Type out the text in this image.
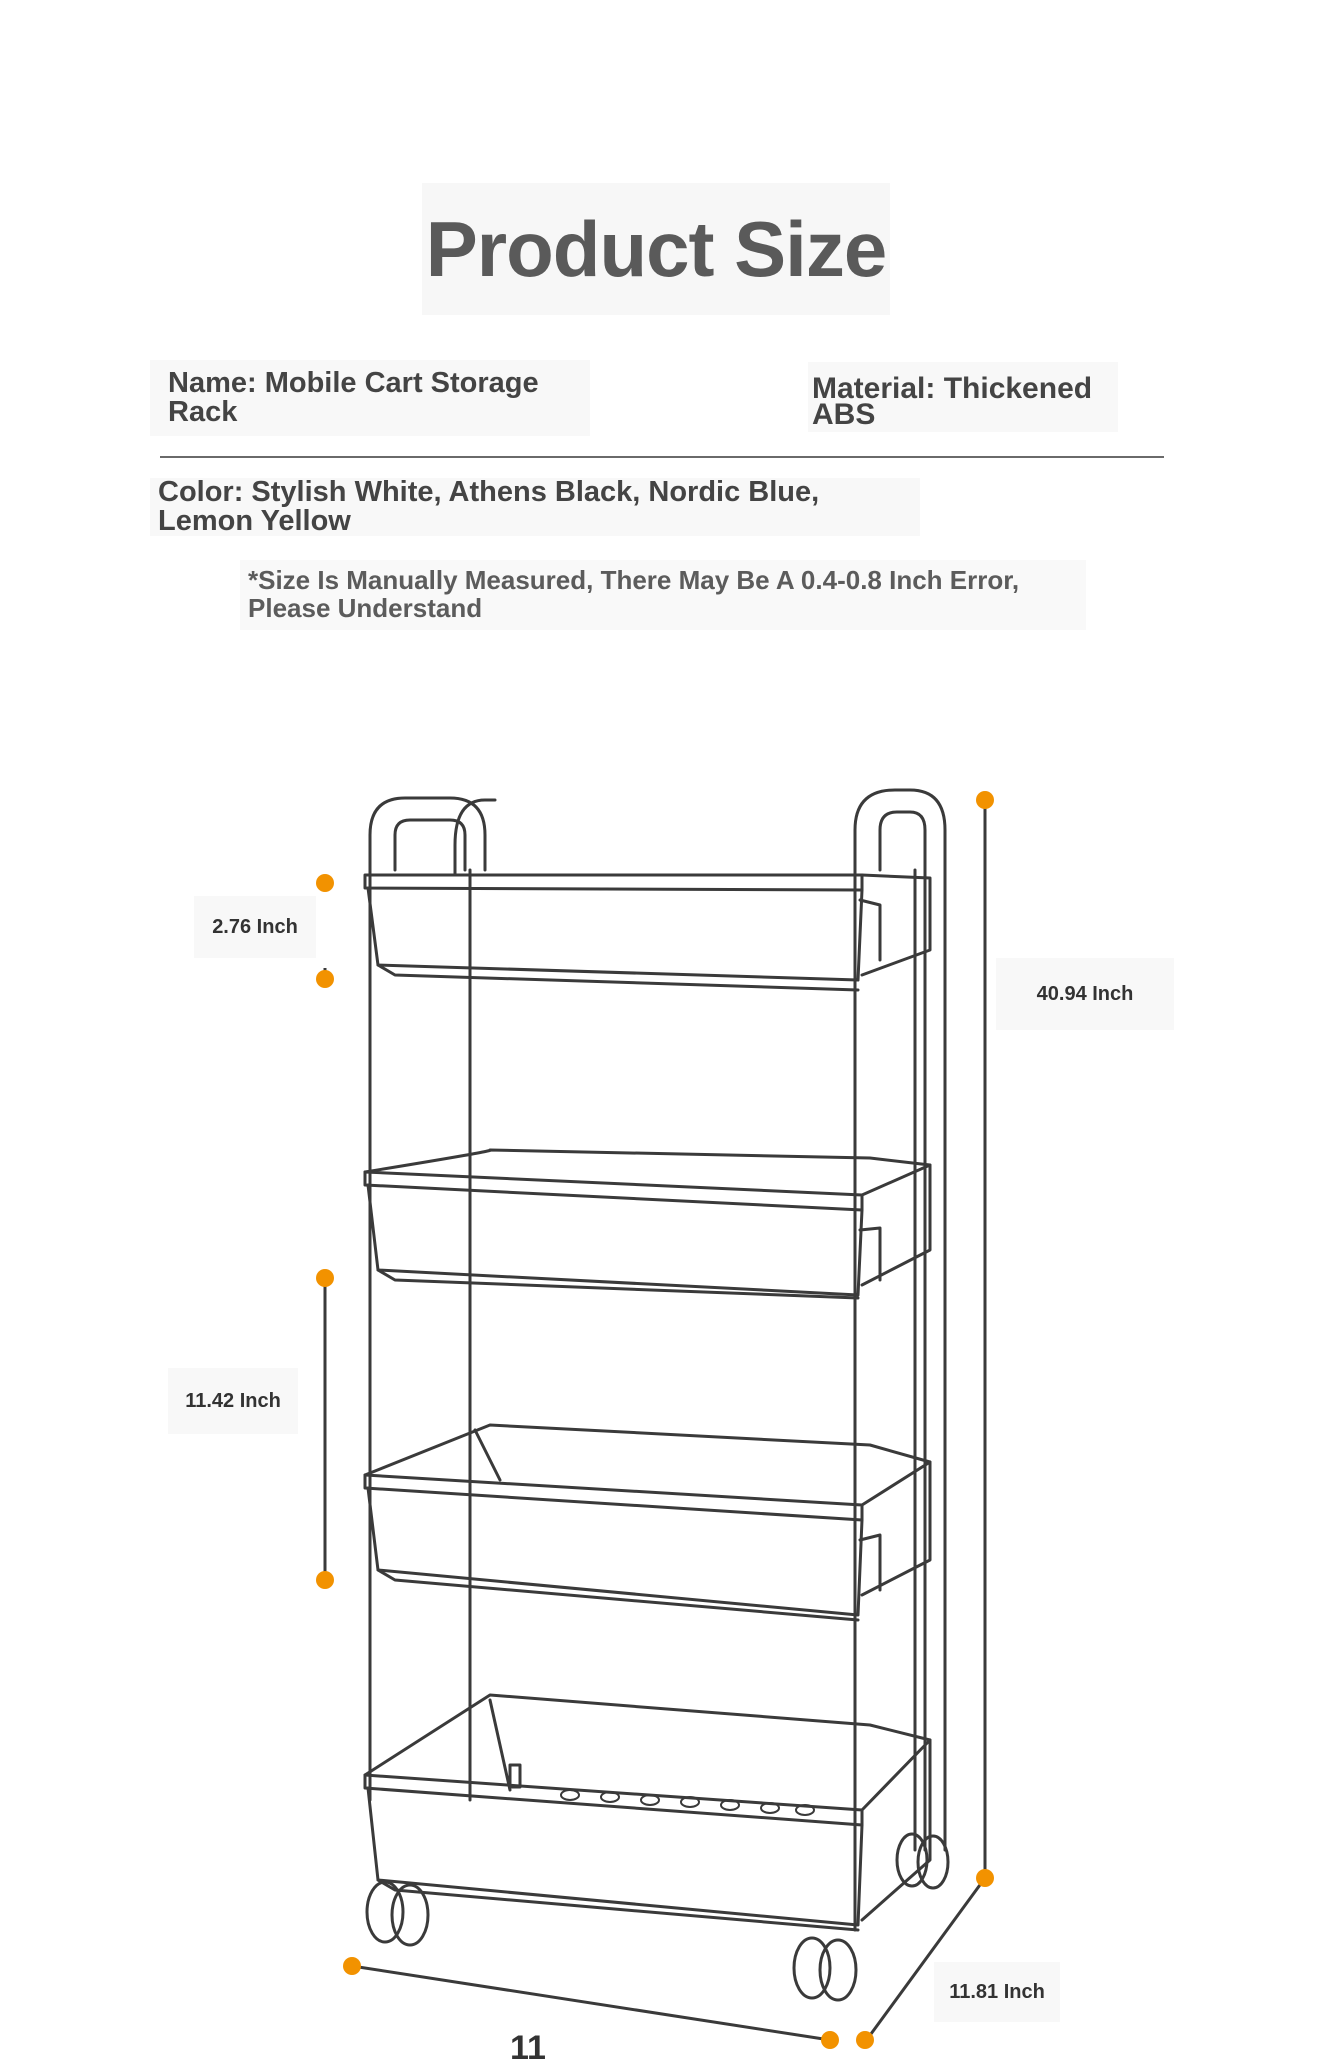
Product Size
Name: Mobile Cart Storage Rack
Material: Thickened
ABS
Color: Stylish White, Athens Black, Nordic Blue, Lemon Yellow
*Size Is Manually Measured, There May Be A 0.4-0.8 Inch Error,
Please Understand
2.76 Inch
40.94 Inch
11.42 Inch
11.81 Inch
11
